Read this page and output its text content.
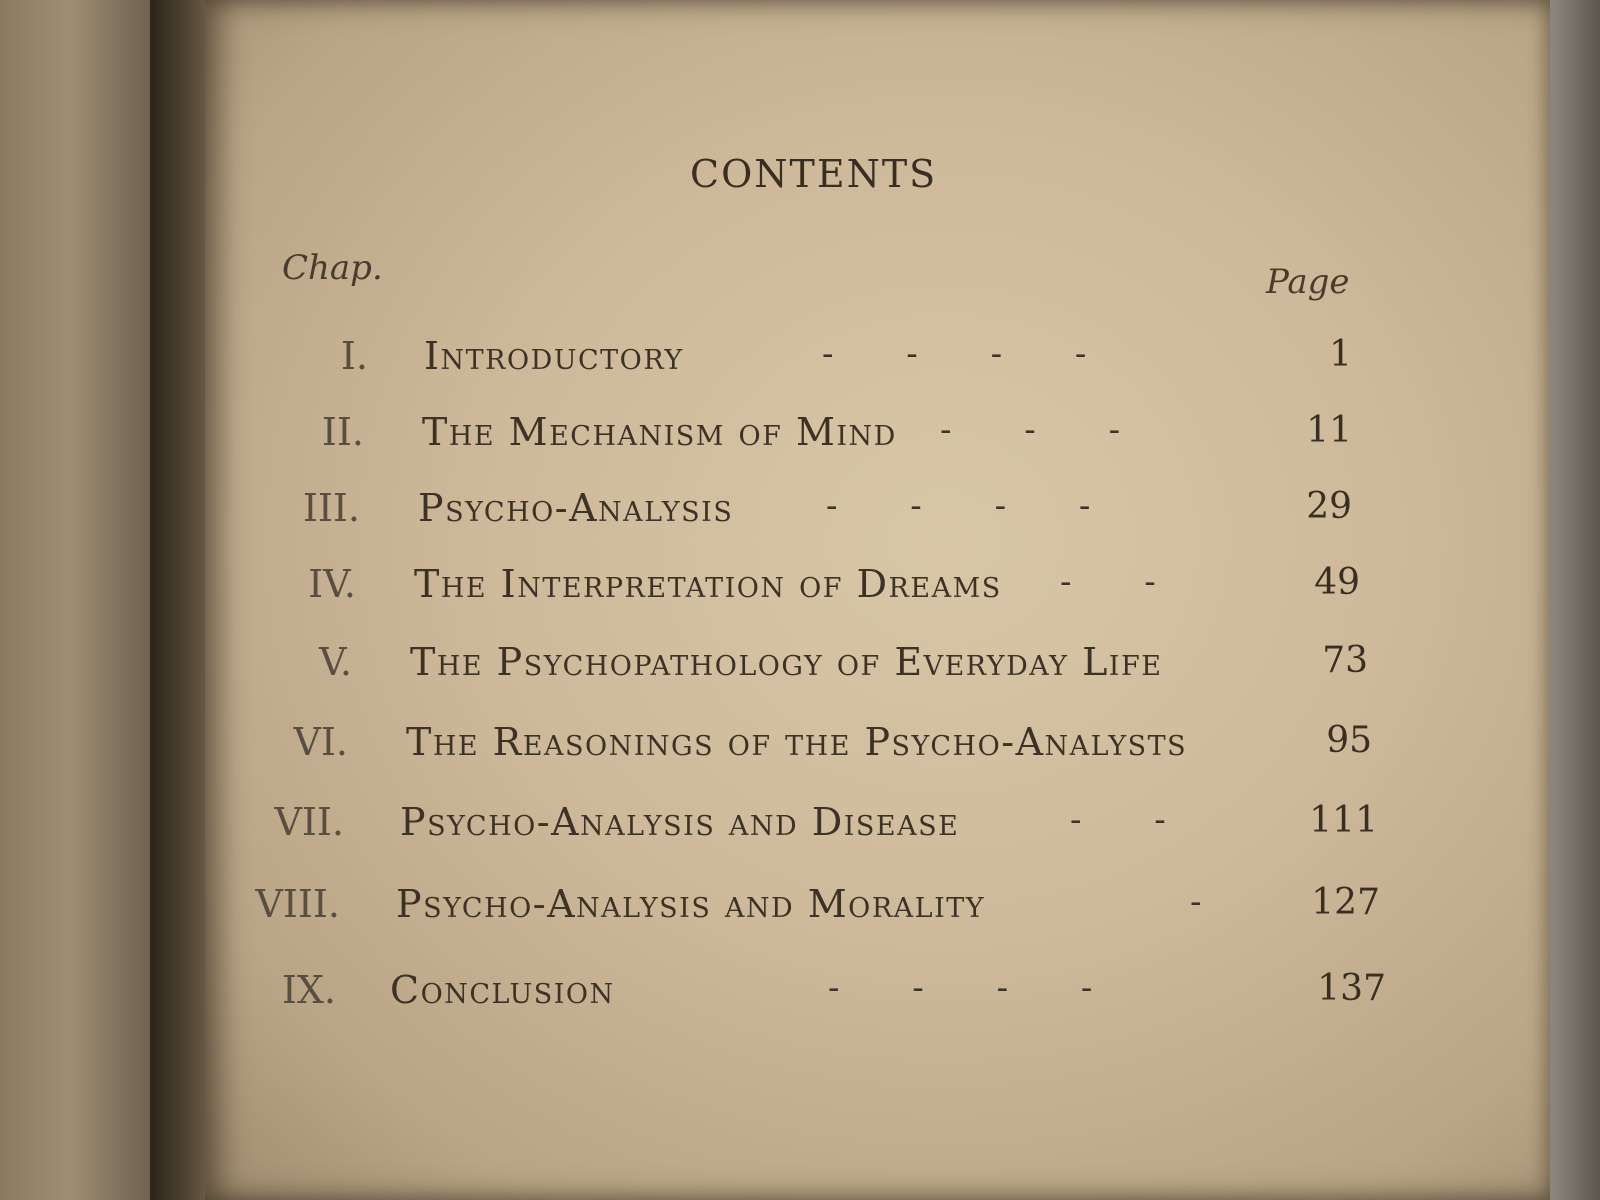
CONTENTS
Chap.	Page
I. Introductory	- - - -	1
II. The Mechanism of Mind - - -	11
III. Psycho-Analysis	- - - -	29
IV. The Interpretation of Dreams - -	49
V. The Psychopathology of Everyday Life	73
VI. The Reasonings of the Psycho-Analysts	95
VII. Psycho-Analysis and Disease	- -	111
VIII. Psycho-Analysis and Morality	-	127
IX. Conclusion	- - - -	137
